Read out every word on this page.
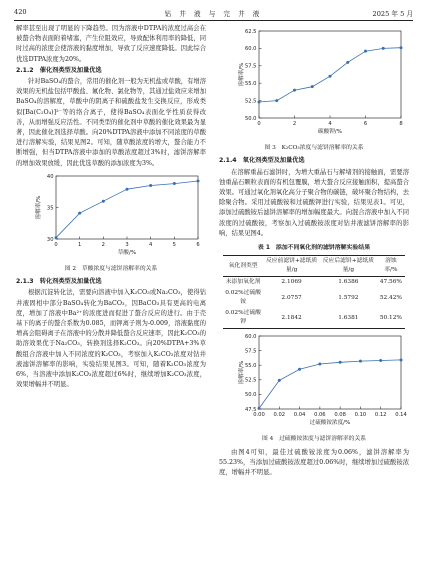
420	钻 井 液 与 完 井 液	2025 年 5 月

解率甚至出现了明显的下降趋势。因为溶液中DTPA的浓度过高会在被螯合物表面附着堵塞，产生位阻效应，导致配体利用率的降低，同时过高的浓度会使溶液的黏度增加，导致了反应速度降低。因此综合优选DTPA浓度为20%。

2.1.2　催化剂类型及加量优选

针对BaSO₄的螯合，常用的催化剂一般为无机盐或草酸，有增溶效果的无机盐包括甲酸盐、氟化物、氯化物等，其通过盐效应来增加BaSO₄的溶解度，草酸中的阴离子和硫酸盐发生交换反应，形成类似[Ba(C₂O₄)]²⁻等的络合离子，使得BaSO₄表面化学性质获得改善，从而增强反应活性。不同类型的催化剂中草酸的催化效果最为显著，因此催化剂选择草酸。向20%DTPA溶液中添加不同浓度的草酸进行溶解实验，结果见图2。可知，随草酸浓度的增大，螯合能力不断增强，但当DTPA溶液中添加的草酸浓度超过3%时，滤饼溶解率的增加效果放缓，因此优选草酸的添加浓度为3%。

0	1	2	3	4	5	6
30
35
40
草酸/%
溶解率/%
图 2　草酸浓度与滤饼溶解率的关系
2.1.3　转化剂类型及加量优选

根据沉淀转化法，需要向溶液中加入K₂CO₃或Na₂CO₃，使得钻井液固相中部分BaSO₄转化为BaCO₃，因BaCO₃具有更高的电离度，增加了溶液中Ba²⁺的浓度进而促进了螯合反应的进行。由于壳基下的离子的螯合系数为0.085，而钾离子则为-0.009，溶液黏度的增高会阻碍离子在溶液中的分散并降低螯合反应速率，因此K₂CO₃的助溶效果优于Na₂CO₃，转换剂选择K₂CO₃。向20%DTPA+3%草酸组合溶液中加入不同浓度的K₂CO₃，考察加入K₂CO₃浓度对钻井液滤饼溶解率的影响，实验结果见图3。可知，随着K₂CO₃浓度为6%，当溶液中添加K₂CO₃浓度超过6%时，继续增加K₂CO₃浓度，效果增幅并不明显。

0	2	4	6	8
50.0
52.5
55.0
57.5
60.0
62.5
碳酸钾/%
溶解率/%
图 3　K₂CO₃浓度与滤饼溶解率的关系
2.1.4　氧化剂类型及加量优选

在溶解重晶石滤饼时，为增大重晶石与解堵剂的接触面，需要溶蚀重晶石颗粒表面的有机包覆膜，增大螯合反应接触面积，提高螯合效果。可通过氧化剂氧化高分子聚合物的碳链，破坏聚合物结构，去除聚合物。采用过硫酸铵和过硫酸钾进行实验，结果见表1。可见，添加过硫酸铵后滤饼溶解率的增加幅度最大。向混合溶液中加入不同浓度的过硫酸铵，考察加入过硫酸铵浓度对钻井液滤饼溶解率的影响，结果见图4。

表 1　添加不同氧化剂的滤饼溶解实验结果
氧化剂类型	反应前滤饼+滤纸质量/g	反应后滤饼+滤纸质量/g	溶蚀率/%
未添加氧化剂	2.1069	1.6386	47.56%
0.02%过硫酸铵	2.0757	1.5792	52.42%
0.02%过硫酸钾	2.1842	1.6381	50.12%
0.00 0.02 0.04 0.06 0.08 0.10 0.12 0.14
47.5
50.0
52.5
55.0
57.5
60.0
过硫酸铵浓度/%
溶解率/%
图 4　过硫酸铵浓度与滤饼溶解率的关系

由图4可知，最佳过硫酸铵浓度为0.06%，滤饼溶解率为55.23%，当添加过硫酸铵浓度超过0.06%时，继续增加过硫酸铵浓度，增幅并不明显。
